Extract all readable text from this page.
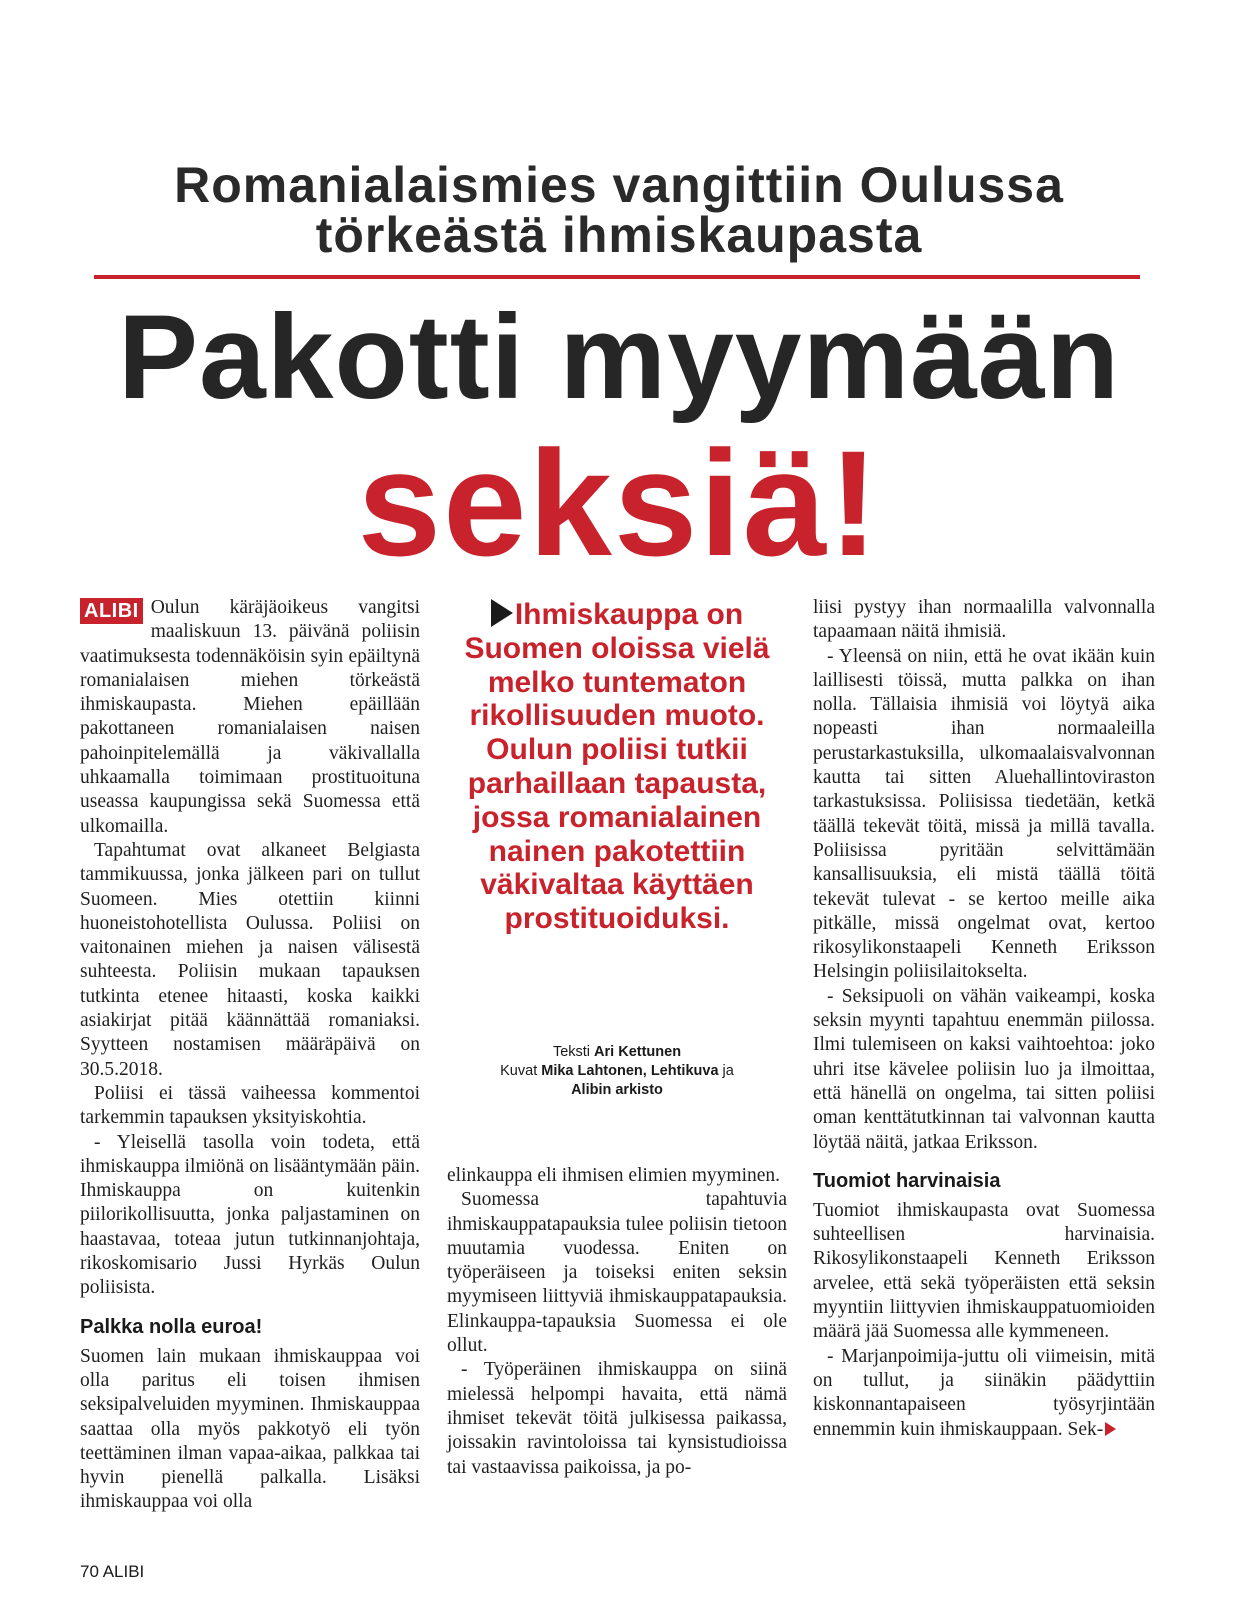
Romanialaismies vangittiin Oulussa
törkeästä ihmiskaupasta
Pakotti myymään
seksiä!

ALIBI Oulun käräjäoikeus vangitsi maaliskuun 13. päivänä poliisin vaatimuksesta todennäköisin syin epäiltynä romanialaisen miehen törkeästä ihmiskaupasta. Miehen epäillään pakottaneen romanialaisen naisen pahoinpitelemällä ja väkivallalla uhkaamalla toimimaan prostituoituna useassa kaupungissa sekä Suomessa että ulkomailla.

Tapahtumat ovat alkaneet Belgiasta tammikuussa, jonka jälkeen pari on tullut Suomeen. Mies otettiin kiinni huoneistohotellista Oulussa. Poliisi on vaitonainen miehen ja naisen välisestä suhteesta. Poliisin mukaan tapauksen tutkinta etenee hitaasti, koska kaikki asiakirjat pitää käännättää romaniaksi. Syytteen nostamisen määräpäivä on 30.5.2018.

Poliisi ei tässä vaiheessa kommentoi tarkemmin tapauksen yksityiskohtia.

- Yleisellä tasolla voin todeta, että ihmiskauppa ilmiönä on lisääntymään päin. Ihmiskauppa on kuitenkin piilorikollisuutta, jonka paljastaminen on haastavaa, toteaa jutun tutkinnanjohtaja, rikoskomisario Jussi Hyrkäs Oulun poliisista.

Palkka nolla euroa!

Suomen lain mukaan ihmiskauppaa voi olla paritus eli toisen ihmisen seksipalveluiden myyminen. Ihmiskauppaa saattaa olla myös pakkotyö eli työn teettäminen ilman vapaa-aikaa, palkkaa tai hyvin pienellä palkalla. Lisäksi ihmiskauppaa voi olla

Ihmiskauppa on Suomen oloissa vielä melko tuntematon rikollisuuden muoto. Oulun poliisi tutkii parhaillaan tapausta, jossa romanialainen nainen pakotettiin väkivaltaa käyttäen prostituoiduksi.
Teksti Ari Kettunen
Kuvat Mika Lahtonen, Lehtikuva ja
Alibin arkisto

elinkauppa eli ihmisen elimien myyminen.

Suomessa tapahtuvia ihmiskauppatapauksia tulee poliisin tietoon muutamia vuodessa. Eniten on työperäiseen ja toiseksi eniten seksin myymiseen liittyviä ihmiskauppatapauksia. Elinkauppa-tapauksia Suomessa ei ole ollut.

- Työperäinen ihmiskauppa on siinä mielessä helpompi havaita, että nämä ihmiset tekevät töitä julkisessa paikassa, joissakin ravintoloissa tai kynsistudioissa tai vastaavissa paikoissa, ja po-

liisi pystyy ihan normaalilla valvonnalla tapaamaan näitä ihmisiä.

- Yleensä on niin, että he ovat ikään kuin laillisesti töissä, mutta palkka on ihan nolla. Tällaisia ihmisiä voi löytyä aika nopeasti ihan normaaleilla perustarkastuksilla, ulkomaalaisvalvonnan kautta tai sitten Aluehallintoviraston tarkastuksissa. Poliisissa tiedetään, ketkä täällä tekevät töitä, missä ja millä tavalla. Poliisissa pyritään selvittämään kansallisuuksia, eli mistä täällä töitä tekevät tulevat - se kertoo meille aika pitkälle, missä ongelmat ovat, kertoo rikosylikonstaapeli Kenneth Eriksson Helsingin poliisilaitokselta.

- Seksipuoli on vähän vaikeampi, koska seksin myynti tapahtuu enemmän piilossa. Ilmi tulemiseen on kaksi vaihtoehtoa: joko uhri itse kävelee poliisin luo ja ilmoittaa, että hänellä on ongelma, tai sitten poliisi oman kenttätutkinnan tai valvonnan kautta löytää näitä, jatkaa Eriksson.

Tuomiot harvinaisia

Tuomiot ihmiskaupasta ovat Suomessa suhteellisen harvinaisia. Rikosylikonstaapeli Kenneth Eriksson arvelee, että sekä työperäisten että seksin myyntiin liittyvien ihmiskauppatuomioiden määrä jää Suomessa alle kymmeneen.

- Marjanpoimija-juttu oli viimeisin, mitä on tullut, ja siinäkin päädyttiin kiskonnantapaiseen työsyrjintään ennemmin kuin ihmiskauppaan. Sek-

70 ALIBI
